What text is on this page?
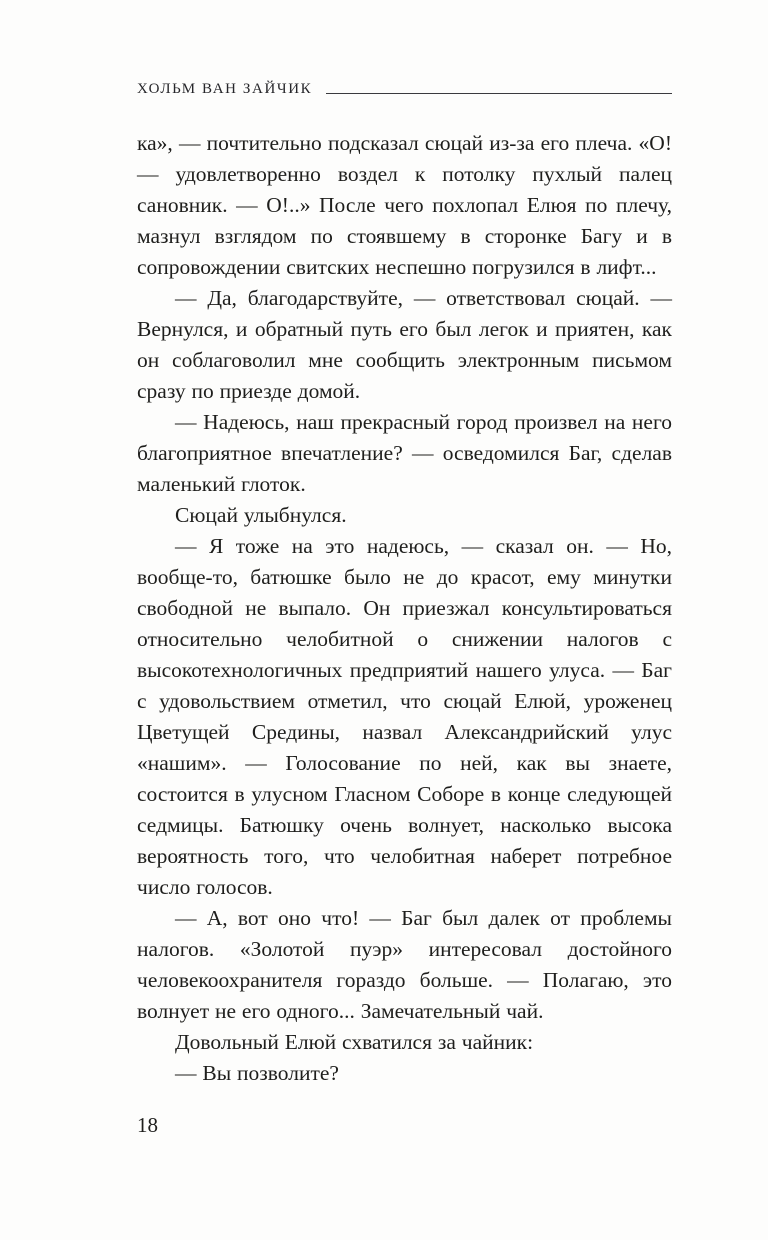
ХОЛЬМ ВАН ЗАЙЧИК

ка», — почтительно подсказал сюцай из-за его плеча. «О! — удовлетворенно воздел к потолку пухлый палец сановник. — О!..» После чего похлопал Елюя по плечу, мазнул взглядом по стоявшему в сторонке Багу и в сопровождении свитских неспешно погрузился в лифт...

— Да, благодарствуйте, — ответствовал сюцай. — Вернулся, и обратный путь его был легок и приятен, как он соблаговолил мне сообщить электронным письмом сразу по приезде домой.

— Надеюсь, наш прекрасный город произвел на него благоприятное впечатление? — осведомился Баг, сделав маленький глоток.

Сюцай улыбнулся.

— Я тоже на это надеюсь, — сказал он. — Но, вообще-то, батюшке было не до красот, ему минутки свободной не выпало. Он приезжал консультироваться относительно челобитной о снижении налогов с высокотехнологичных предприятий нашего улуса. — Баг с удовольствием отметил, что сюцай Елюй, уроженец Цветущей Средины, назвал Александрийский улус «нашим». — Голосование по ней, как вы знаете, состоится в улусном Гласном Соборе в конце следующей седмицы. Батюшку очень волнует, насколько высока вероятность того, что челобитная наберет потребное число голосов.

— А, вот оно что! — Баг был далек от проблемы налогов. «Золотой пуэр» интересовал достойного человекоохранителя гораздо больше. — Полагаю, это волнует не его одного... Замечательный чай.

Довольный Елюй схватился за чайник:

— Вы позволите?

18
